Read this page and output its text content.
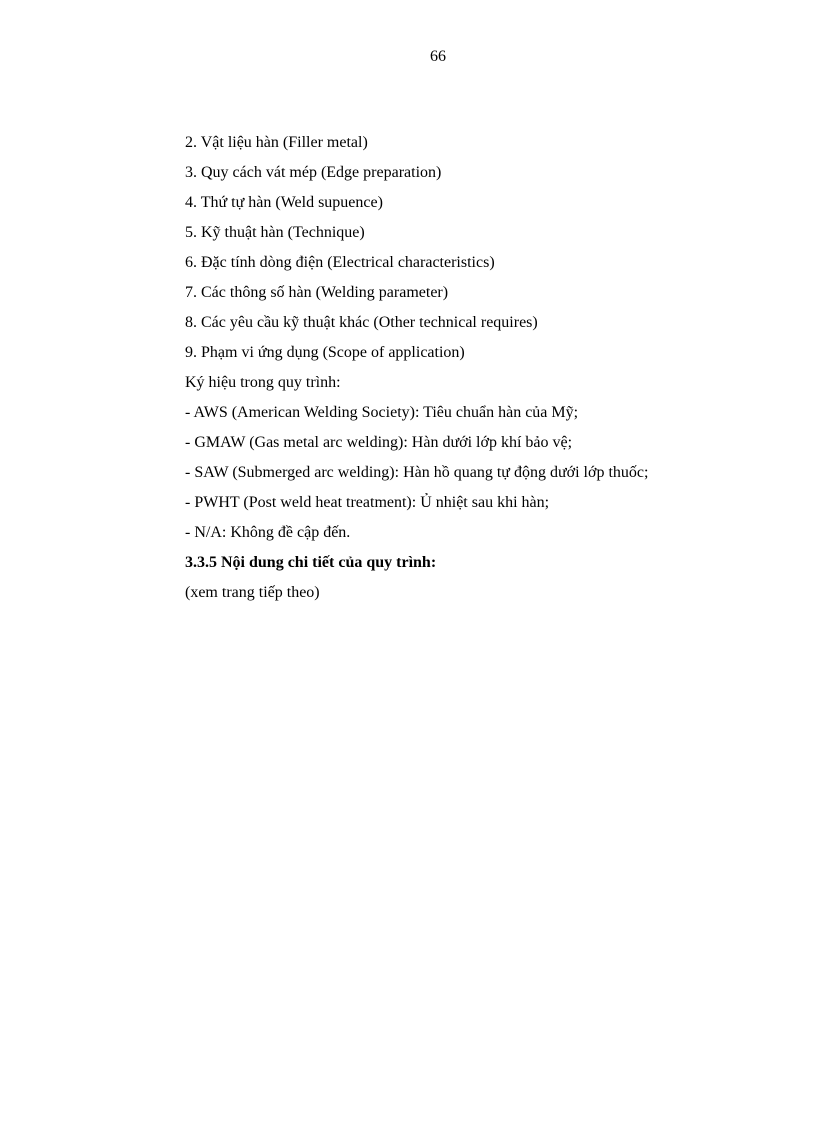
66
2. Vật liệu hàn (Filler metal)
3. Quy cách vát mép (Edge preparation)
4. Thứ tự hàn (Weld supuence)
5. Kỹ thuật hàn (Technique)
6. Đặc tính dòng điện (Electrical characteristics)
7. Các thông số hàn (Welding parameter)
8. Các yêu cầu kỹ thuật khác (Other technical requires)
9. Phạm vi ứng dụng (Scope of application)
Ký hiệu trong quy trình:
- AWS (American Welding Society): Tiêu chuẩn hàn của Mỹ;
- GMAW (Gas metal arc welding): Hàn dưới lớp khí bảo vệ;
- SAW (Submerged arc welding): Hàn hồ quang tự động dưới lớp thuốc;
- PWHT (Post weld heat treatment): Ủ nhiệt sau khi hàn;
- N/A: Không đề cập đến.
3.3.5 Nội dung chi tiết của quy trình:
(xem trang tiếp theo)
